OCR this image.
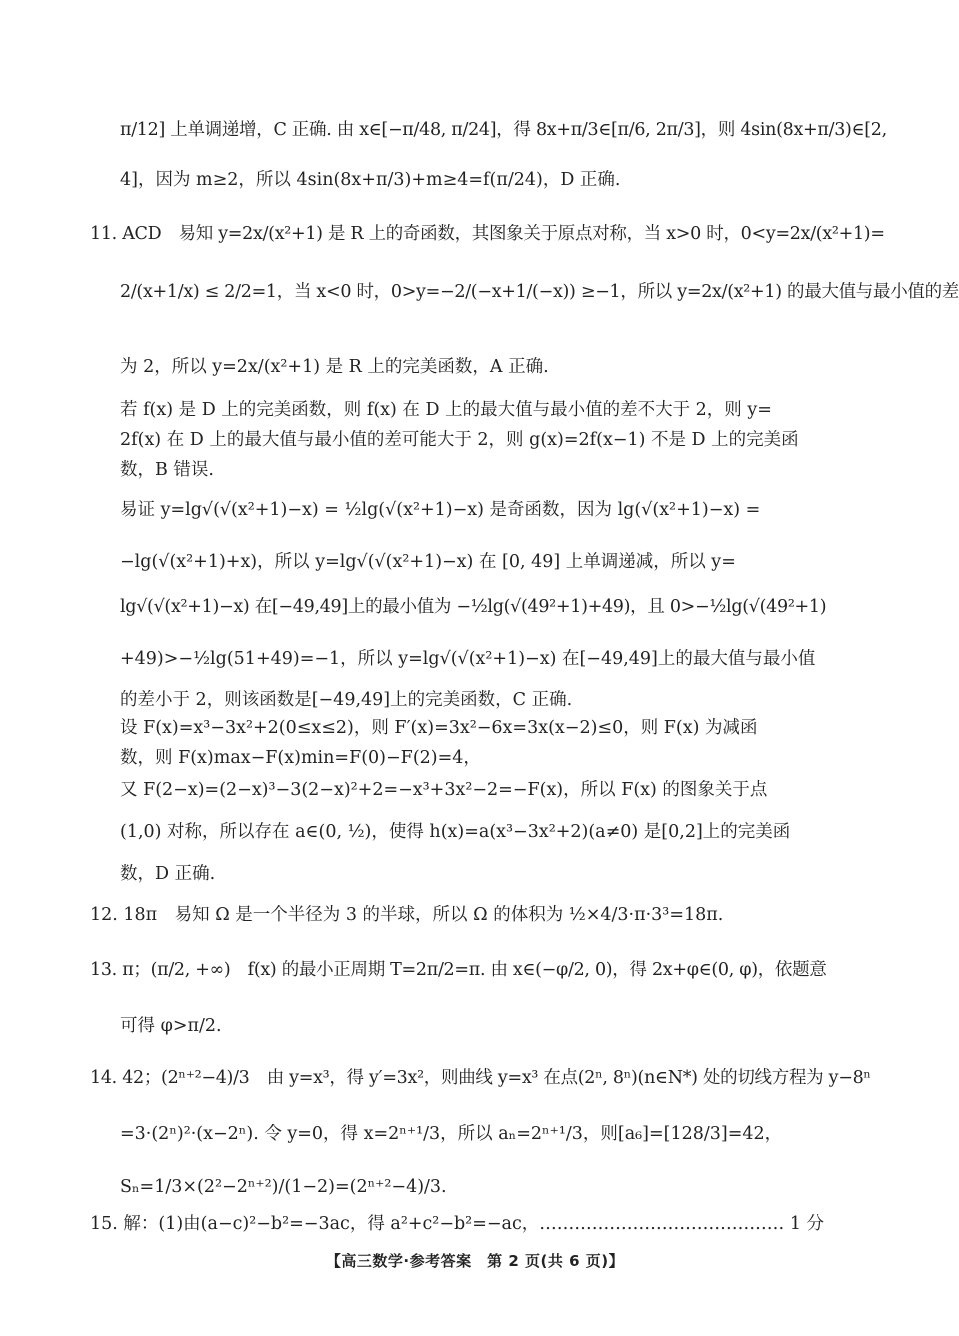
π/12] 上单调递增，C 正确. 由 x∈[−π/48, π/24]，得 8x+π/3∈[π/6, 2π/3]，则 4sin(8x+π/3)∈[2,
4]，因为 m≥2，所以 4sin(8x+π/3)+m≥4=f(π/24)，D 正确.
11. ACD　易知 y=2x/(x²+1) 是 R 上的奇函数，其图象关于原点对称，当 x>0 时，0<y=2x/(x²+1)=
2/(x+1/x) ≤ 2/2=1，当 x<0 时，0>y=−2/(−x+1/(−x)) ≥−1，所以 y=2x/(x²+1) 的最大值与最小值的差
为 2，所以 y=2x/(x²+1) 是 R 上的完美函数，A 正确.
若 f(x) 是 D 上的完美函数，则 f(x) 在 D 上的最大值与最小值的差不大于 2，则 y=
2f(x) 在 D 上的最大值与最小值的差可能大于 2，则 g(x)=2f(x−1) 不是 D 上的完美函
数，B 错误.
易证 y=lg√(√(x²+1)−x) = ½lg(√(x²+1)−x) 是奇函数，因为 lg(√(x²+1)−x) =
−lg(√(x²+1)+x)，所以 y=lg√(√(x²+1)−x) 在 [0, 49] 上单调递减，所以 y=
lg√(√(x²+1)−x) 在[−49,49]上的最小值为 −½lg(√(49²+1)+49)，且 0>−½lg(√(49²+1)
+49)>−½lg(51+49)=−1，所以 y=lg√(√(x²+1)−x) 在[−49,49]上的最大值与最小值
的差小于 2，则该函数是[−49,49]上的完美函数，C 正确.
设 F(x)=x³−3x²+2(0≤x≤2)，则 F′(x)=3x²−6x=3x(x−2)≤0，则 F(x) 为减函
数，则 F(x)max−F(x)min=F(0)−F(2)=4，
又 F(2−x)=(2−x)³−3(2−x)²+2=−x³+3x²−2=−F(x)，所以 F(x) 的图象关于点
(1,0) 对称，所以存在 a∈(0, ½)，使得 h(x)=a(x³−3x²+2)(a≠0) 是[0,2]上的完美函
数，D 正确.
12. 18π　易知 Ω 是一个半径为 3 的半球，所以 Ω 的体积为 ½×4/3·π·3³=18π.
13. π；(π/2, +∞)　f(x) 的最小正周期 T=2π/2=π. 由 x∈(−φ/2, 0)，得 2x+φ∈(0, φ)，依题意
可得 φ>π/2.
14. 42；(2ⁿ⁺²−4)/3　由 y=x³，得 y′=3x²，则曲线 y=x³ 在点(2ⁿ, 8ⁿ)(n∈N*) 处的切线方程为 y−8ⁿ
=3·(2ⁿ)²·(x−2ⁿ). 令 y=0，得 x=2ⁿ⁺¹/3，所以 aₙ=2ⁿ⁺¹/3，则[a₆]=[128/3]=42，
Sₙ=1/3×(2²−2ⁿ⁺²)/(1−2)=(2ⁿ⁺²−4)/3.
15. 解：(1)由(a−c)²−b²=−3ac，得 a²+c²−b²=−ac，…………………………………… 1 分
【高三数学·参考答案　第 2 页(共 6 页)】
